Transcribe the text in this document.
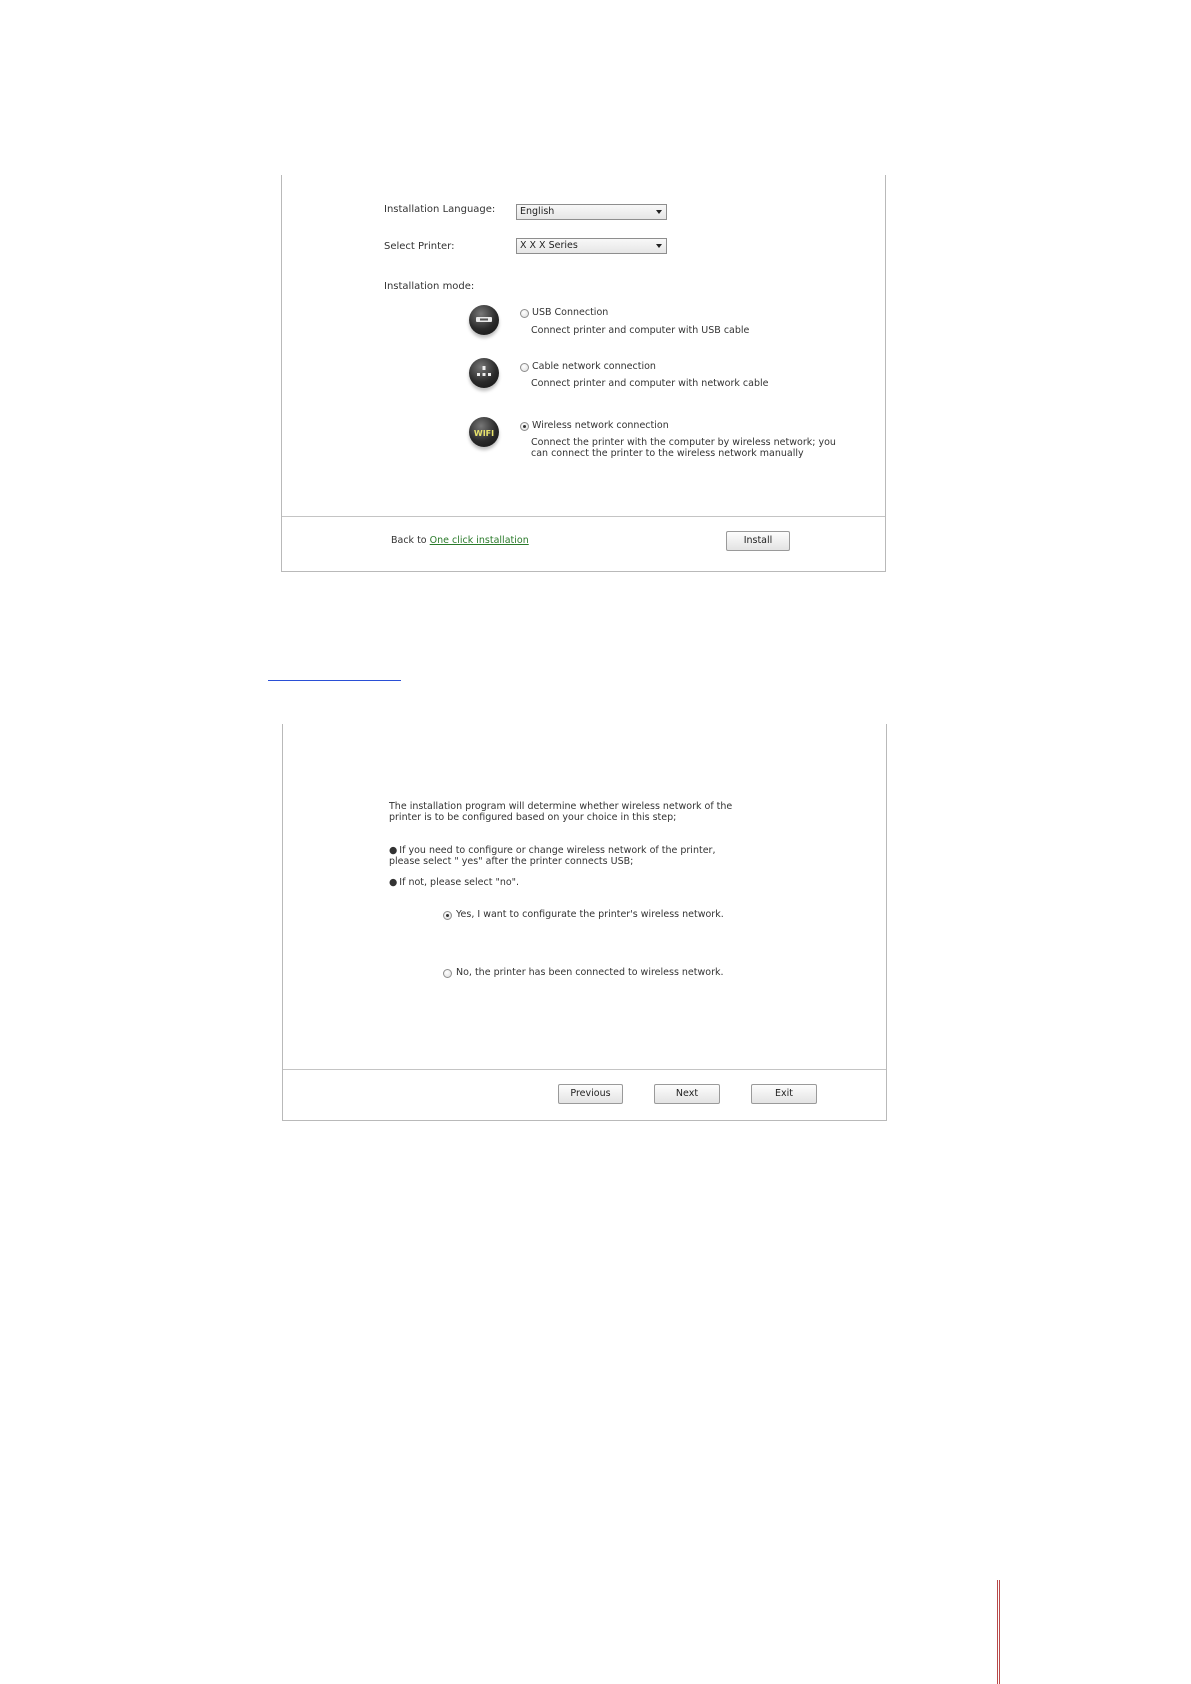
Installation Language:	English
Select Printer:	X X X Series
Installation mode:
USB Connection
Connect printer and computer with USB cable
Cable network connection
Connect printer and computer with network cable
WIFI
Wireless network connection
Connect the printer with the computer by wireless network; you can connect the printer to the wireless network manually
Back to One click installation	Install
The installation program will determine whether wireless network of the printer is to be configured based on your choice in this step;
● If you need to configure or change wireless network of the printer, please select " yes" after the printer connects USB;
● If not, please select "no".
Yes, I want to configurate the printer's wireless network.
No, the printer has been connected to wireless network.
Previous	Next	Exit
